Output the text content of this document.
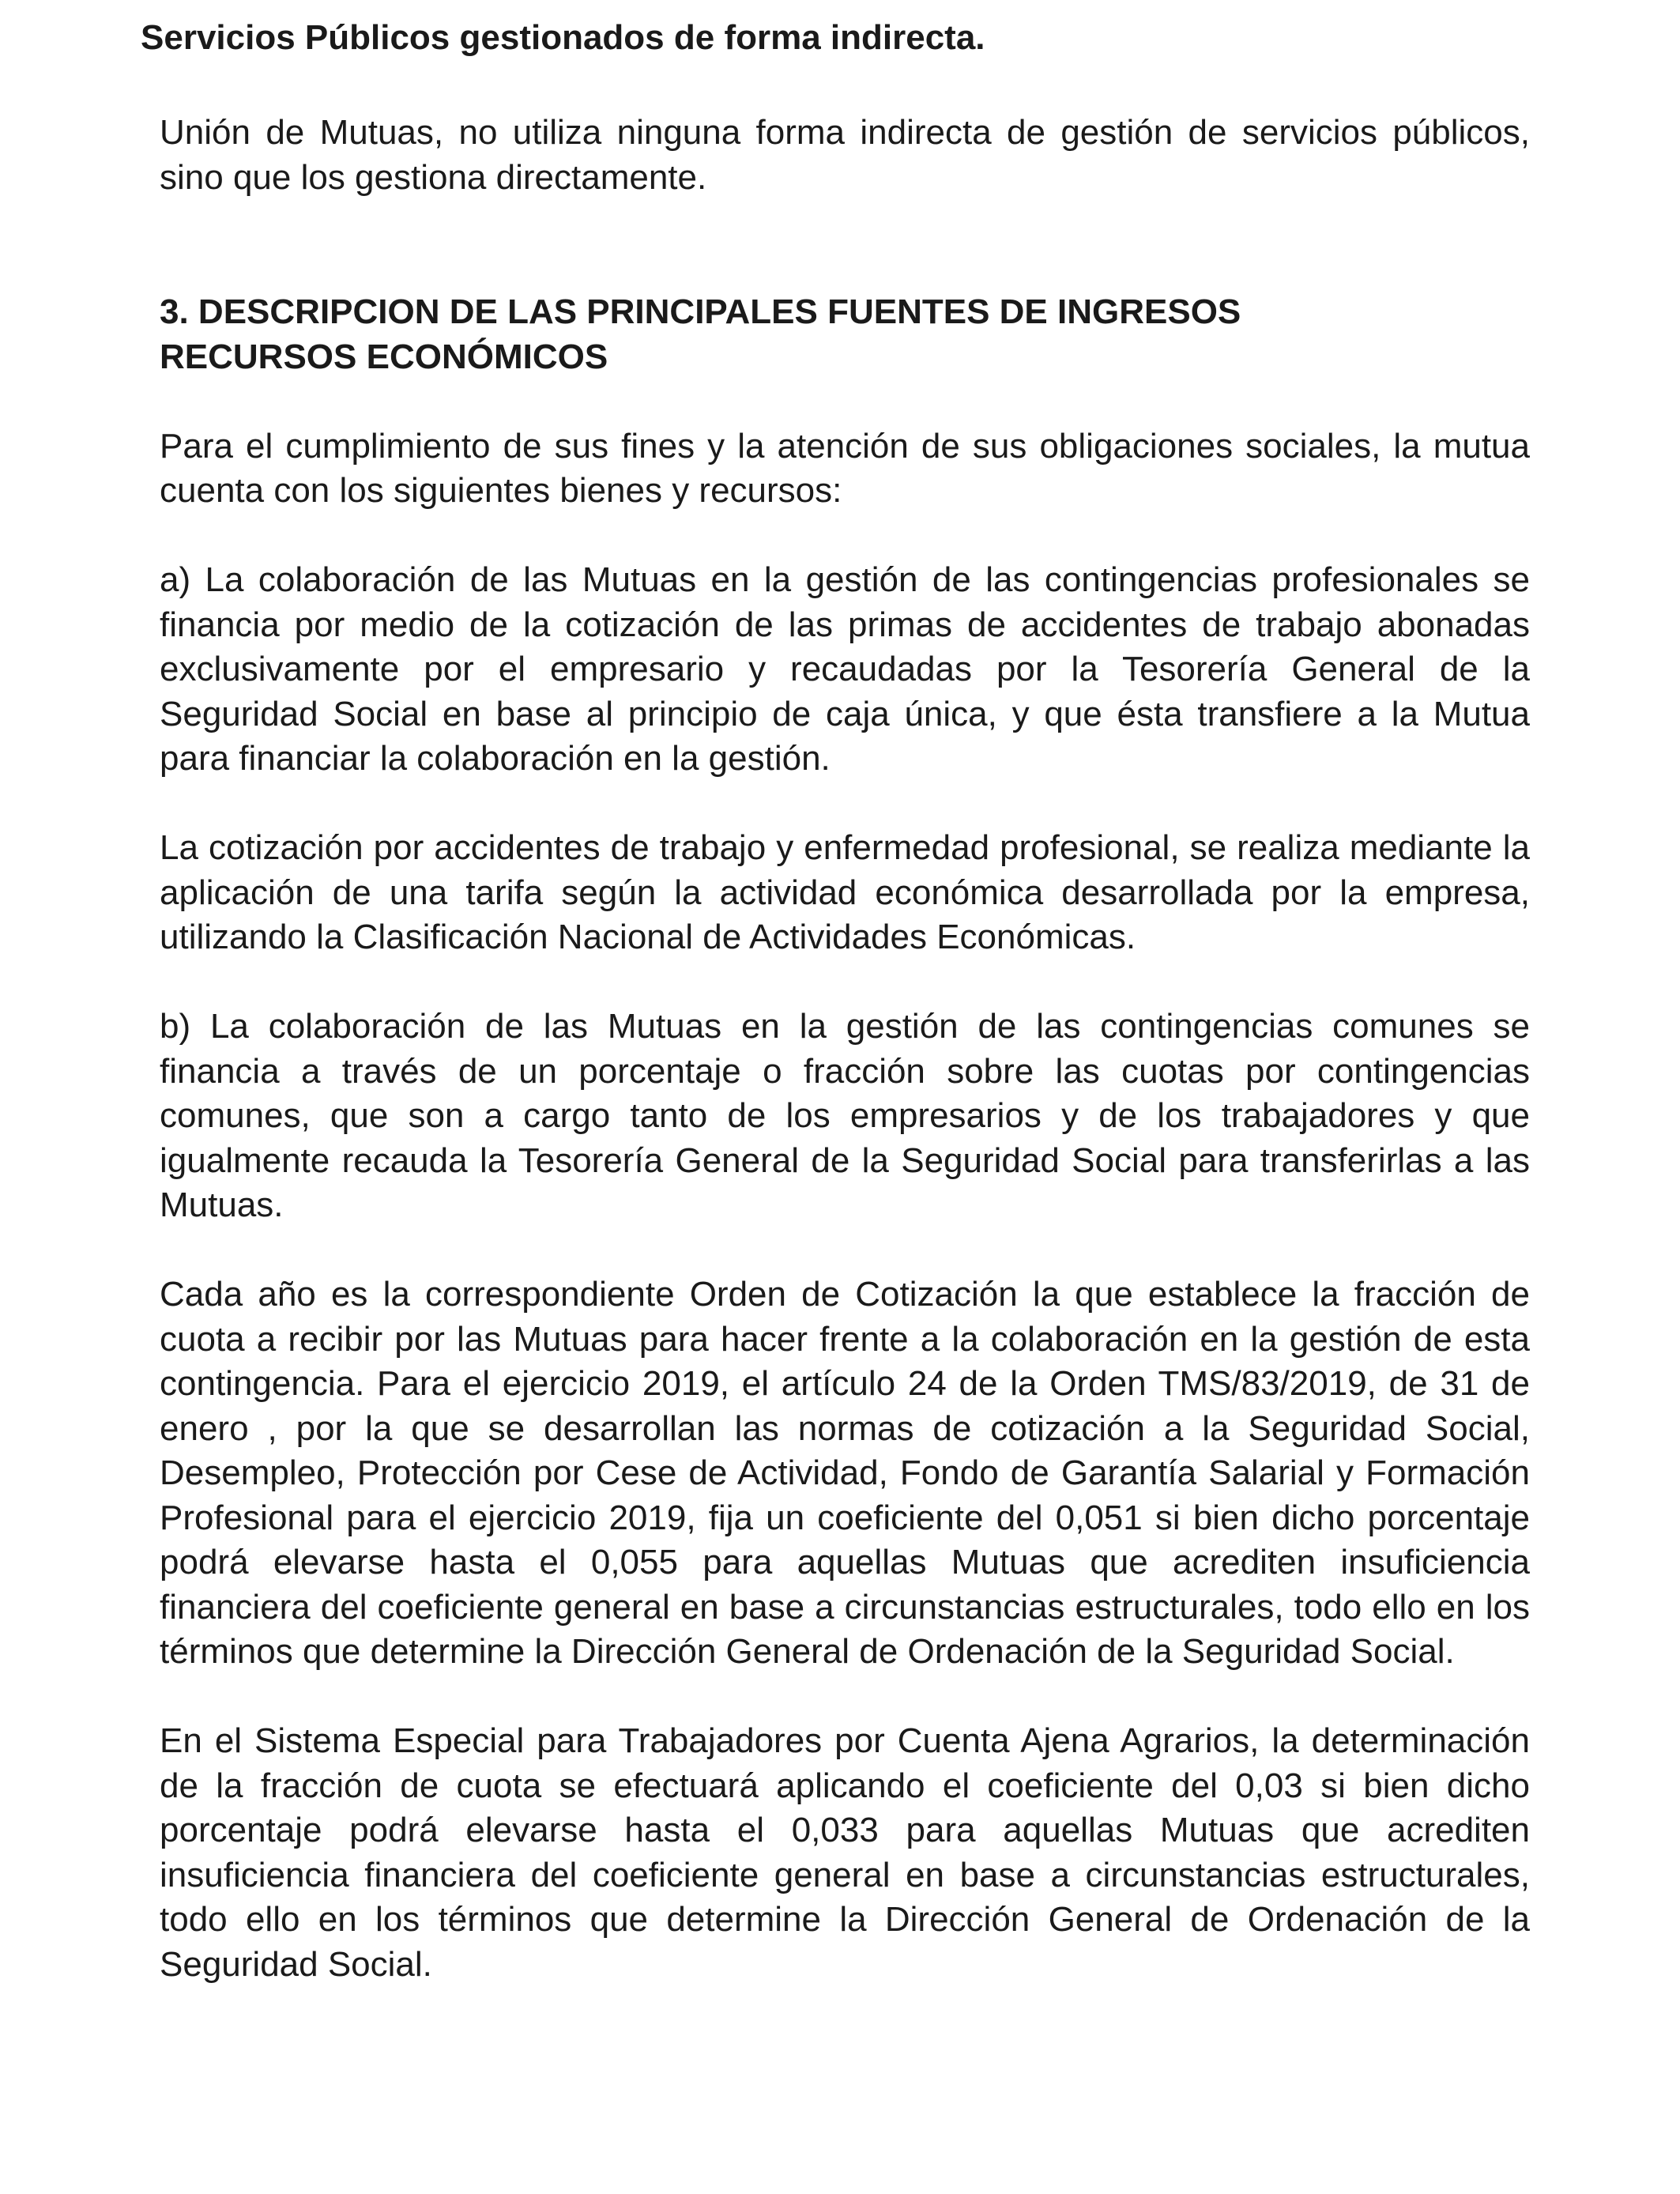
Servicios Públicos gestionados de forma indirecta.

Unión de Mutuas, no utiliza ninguna forma indirecta de gestión de servicios públicos, sino que los gestiona directamente.

3. DESCRIPCION DE LAS PRINCIPALES FUENTES DE INGRESOS
RECURSOS ECONÓMICOS

Para el cumplimiento de sus fines y la atención de sus obligaciones sociales, la mutua cuenta con los siguientes bienes y recursos:

a) La colaboración de las Mutuas en la gestión de las contingencias profesionales se financia por medio de la cotización de las primas de accidentes de trabajo abonadas exclusivamente por el empresario y recaudadas por la Tesorería General de la Seguridad Social en base al principio de caja única, y que ésta transfiere a la Mutua para financiar la colaboración en la gestión.

La cotización por accidentes de trabajo y enfermedad profesional, se realiza mediante la aplicación de una tarifa según la actividad económica desarrollada por la empresa, utilizando la Clasificación Nacional de Actividades Económicas.

b) La colaboración de las Mutuas en la gestión de las contingencias comunes se financia a través de un porcentaje o fracción sobre las cuotas por contingencias comunes, que son a cargo tanto de los empresarios y de los trabajadores y que igualmente recauda la Tesorería General de la Seguridad Social para transferirlas a las Mutuas.

Cada año es la correspondiente Orden de Cotización la que establece la fracción de cuota a recibir por las Mutuas para hacer frente a la colaboración en la gestión de esta contingencia. Para el ejercicio 2019, el artículo 24 de la Orden TMS/83/2019, de 31 de enero , por la que se desarrollan las normas de cotización a la Seguridad Social, Desempleo, Protección por Cese de Actividad, Fondo de Garantía Salarial y Formación Profesional para el ejercicio 2019, fija un coeficiente del 0,051 si bien dicho porcentaje podrá elevarse hasta el 0,055 para aquellas Mutuas que acrediten insuficiencia financiera del coeficiente general en base a circunstancias estructurales, todo ello en los términos que determine la Dirección General de Ordenación de la Seguridad Social.

En el Sistema Especial para Trabajadores por Cuenta Ajena Agrarios, la determinación de la fracción de cuota se efectuará aplicando el coeficiente del 0,03 si bien dicho porcentaje podrá elevarse hasta el 0,033 para aquellas Mutuas que acrediten insuficiencia financiera del coeficiente general en base a circunstancias estructurales, todo ello en los términos que determine la Dirección General de Ordenación de la Seguridad Social.
